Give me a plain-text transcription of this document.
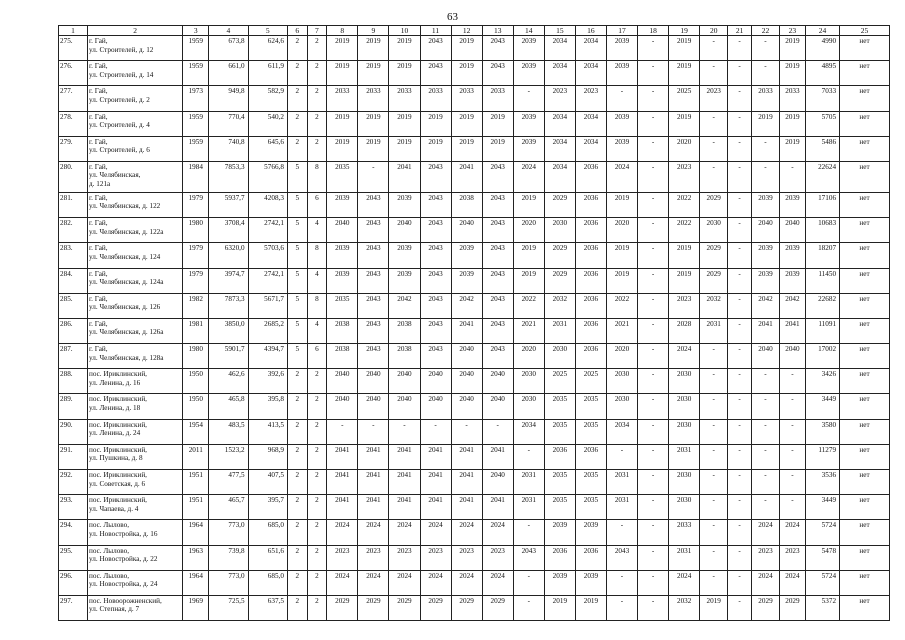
63
1	2	3	4	5	6	7	8	9	10	11	12	13	14	15	16	17	18	19	20	21	22	23	24	25
275.	г. Гай,
ул. Строителей, д. 12	1959	673,8	624,6	2	2	2019	2019	2019	2043	2019	2043	2039	2034	2034	2039	-	2019	-	-	-	2019	4990	нет
276.	г. Гай,
ул. Строителей, д. 14	1959	661,0	611,9	2	2	2019	2019	2019	2043	2019	2043	2039	2034	2034	2039	-	2019	-	-	-	2019	4895	нет
277.	г. Гай,
ул. Строителей, д. 2	1973	949,8	582,9	2	2	2033	2033	2033	2033	2033	2033	-	2023	2023	-	-	2025	2023	-	2033	2033	7033	нет
278.	г. Гай,
ул. Строителей, д. 4	1959	770,4	540,2	2	2	2019	2019	2019	2019	2019	2019	2039	2034	2034	2039	-	2019	-	-	2019	2019	5705	нет
279.	г. Гай,
ул. Строителей, д. 6	1959	740,8	645,6	2	2	2019	2019	2019	2019	2019	2019	2039	2034	2034	2039	-	2020	-	-	-	2019	5486	нет
280.	г. Гай,
ул. Челябинская,
д. 121а	1984	7853,3	5766,8	5	8	2035	-	2041	2043	2041	2043	2024	2034	2036	2024	-	2023	-	-	-	-	22624	нет
281.	г. Гай,
ул. Челябинская, д. 122	1979	5937,7	4208,3	5	6	2039	2043	2039	2043	2038	2043	2019	2029	2036	2019	-	2022	2029	-	2039	2039	17106	нет
282.	г. Гай,
ул. Челябинская, д. 122а	1980	3708,4	2742,1	5	4	2040	2043	2040	2043	2040	2043	2020	2030	2036	2020	-	2022	2030	-	2040	2040	10683	нет
283.	г. Гай,
ул. Челябинская, д. 124	1979	6320,0	5703,6	5	8	2039	2043	2039	2043	2039	2043	2019	2029	2036	2019	-	2019	2029	-	2039	2039	18207	нет
284.	г. Гай,
ул. Челябинская, д. 124а	1979	3974,7	2742,1	5	4	2039	2043	2039	2043	2039	2043	2019	2029	2036	2019	-	2019	2029	-	2039	2039	11450	нет
285.	г. Гай,
ул. Челябинская, д. 126	1982	7873,3	5671,7	5	8	2035	2043	2042	2043	2042	2043	2022	2032	2036	2022	-	2023	2032	-	2042	2042	22682	нет
286.	г. Гай,
ул. Челябинская, д. 126а	1981	3850,0	2685,2	5	4	2038	2043	2038	2043	2041	2043	2021	2031	2036	2021	-	2028	2031	-	2041	2041	11091	нет
287.	г. Гай,
ул. Челябинская, д. 128а	1980	5901,7	4394,7	5	6	2038	2043	2038	2043	2040	2043	2020	2030	2036	2020	-	2024	-	-	2040	2040	17002	нет
288.	пос. Ириклинский,
ул. Ленина, д. 16	1950	462,6	392,6	2	2	2040	2040	2040	2040	2040	2040	2030	2025	2025	2030	-	2030	-	-	-	-	3426	нет
289.	пос. Ириклинский,
ул. Ленина, д. 18	1950	465,8	395,8	2	2	2040	2040	2040	2040	2040	2040	2030	2035	2035	2030	-	2030	-	-	-	-	3449	нет
290.	пос. Ириклинский,
ул. Ленина, д. 24	1954	483,5	413,5	2	2	-	-	-	-	-	-	2034	2035	2035	2034	-	2030	-	-	-	-	3580	нет
291.	пос. Ириклинский,
ул. Пушкина, д. 8	2011	1523,2	968,9	2	2	2041	2041	2041	2041	2041	2041	-	2036	2036	-	-	2031	-	-	-	-	11279	нет
292.	пос. Ириклинский,
ул. Советская, д. 6	1951	477,5	407,5	2	2	2041	2041	2041	2041	2041	2040	2031	2035	2035	2031	-	2030	-	-	-	-	3536	нет
293.	пос. Ириклинский,
ул. Чапаева, д. 4	1951	465,7	395,7	2	2	2041	2041	2041	2041	2041	2041	2031	2035	2035	2031	-	2030	-	-	-	-	3449	нет
294.	пос. Лылово,
ул. Новостройка, д. 16	1964	773,0	685,0	2	2	2024	2024	2024	2024	2024	2024	-	2039	2039	-	-	2033	-	-	2024	2024	5724	нет
295.	пос. Лылово,
ул. Новостройка, д. 22	1963	739,8	651,6	2	2	2023	2023	2023	2023	2023	2023	2043	2036	2036	2043	-	2031	-	-	2023	2023	5478	нет
296.	пос. Лылово,
ул. Новостройка, д. 24	1964	773,0	685,0	2	2	2024	2024	2024	2024	2024	2024	-	2039	2039	-	-	2024	-	-	2024	2024	5724	нет
297.	пос. Новоорожненский,
ул. Степная, д. 7	1969	725,5	637,5	2	2	2029	2029	2029	2029	2029	2029	-	2019	2019	-	-	2032	2019	-	2029	2029	5372	нет
